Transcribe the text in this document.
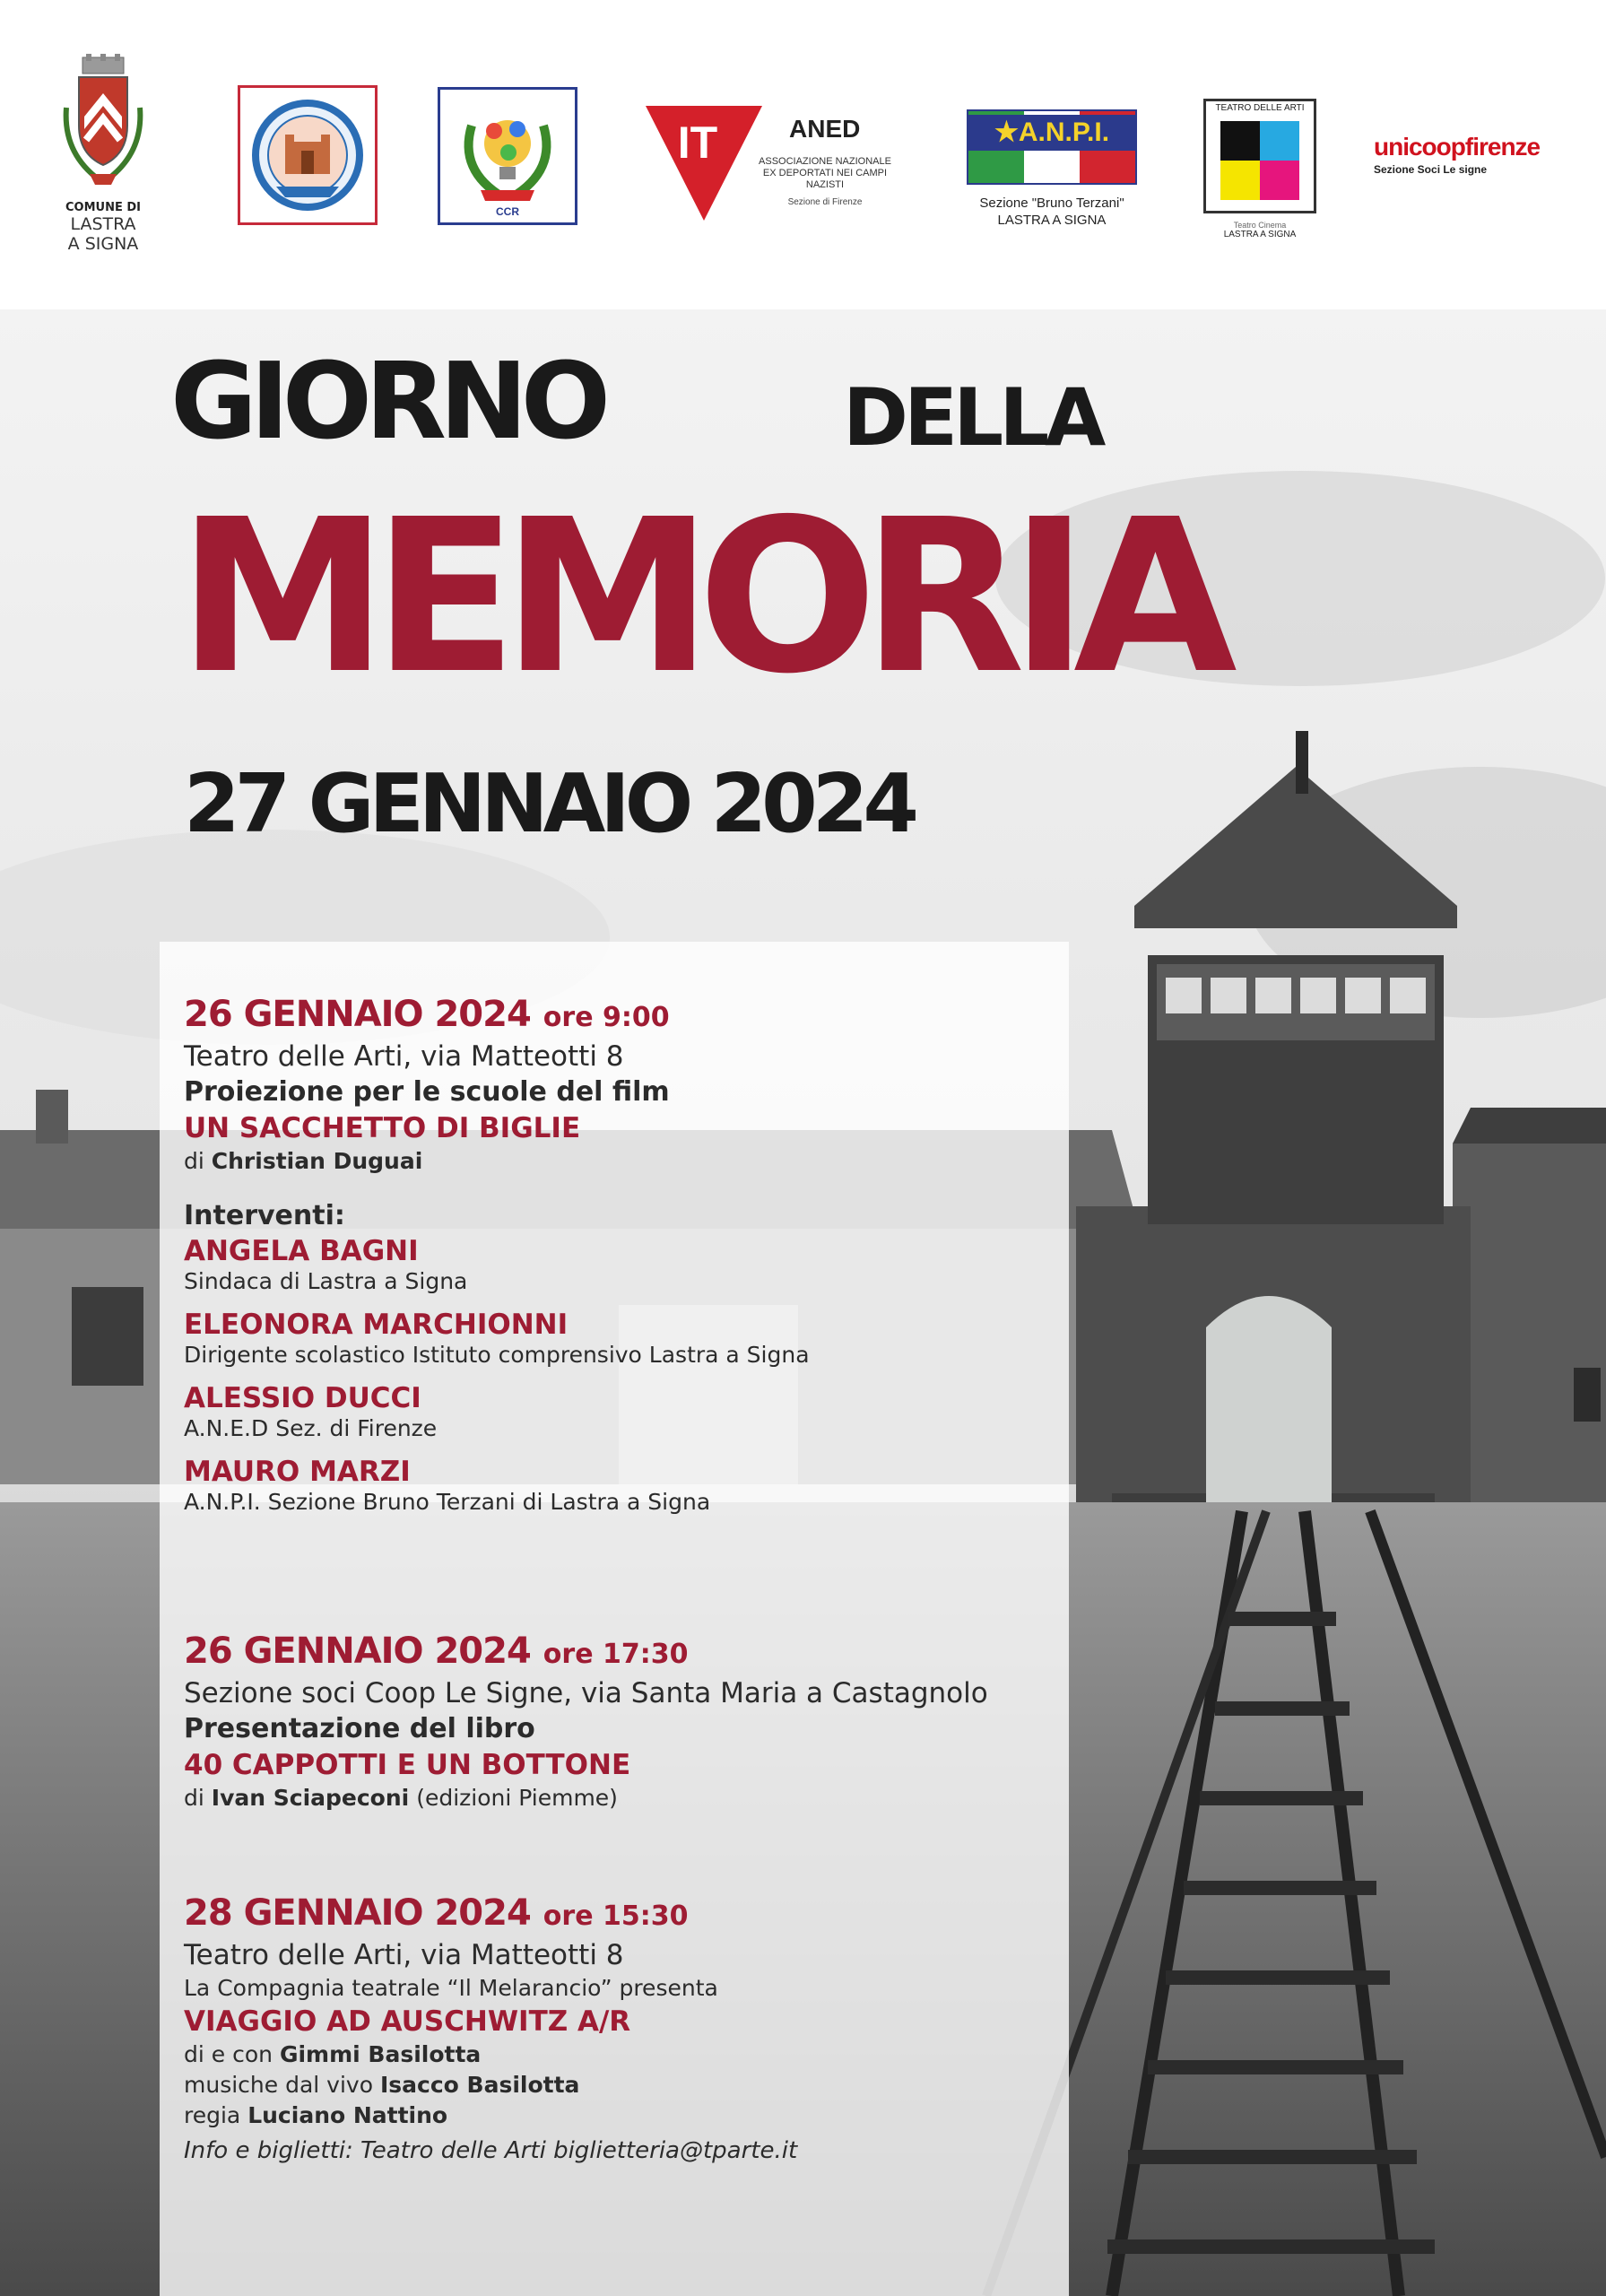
COMUNE DI
LASTRA
A SIGNA
CCR
IT	ANED
ASSOCIAZIONE NAZIONALE
EX DEPORTATI NEI CAMPI NAZISTI
Sezione di Firenze
★A.N.P.I.
Sezione "Bruno Terzani"
LASTRA A SIGNA
TEATRO DELLE ARTI
Teatro Cinema
LASTRA A SIGNA
unicoopfirenze
Sezione Soci Le signe
GIORNO	DELLA
MEMORIA
27 GENNAIO 2024
26 GENNAIO 2024 ore 9:00
Teatro delle Arti, via Matteotti 8
Proiezione per le scuole del film
UN SACCHETTO DI BIGLIE
di Christian Duguai
Interventi:
ANGELA BAGNI
Sindaca di Lastra a Signa
ELEONORA MARCHIONNI
Dirigente scolastico Istituto comprensivo Lastra a Signa
ALESSIO DUCCI
A.N.E.D Sez. di Firenze
MAURO MARZI
A.N.P.I. Sezione Bruno Terzani di Lastra a Signa
26 GENNAIO 2024 ore 17:30
Sezione soci Coop Le Signe, via Santa Maria a Castagnolo
Presentazione del libro
40 CAPPOTTI E UN BOTTONE
di Ivan Sciapeconi (edizioni Piemme)
28 GENNAIO 2024 ore 15:30
Teatro delle Arti, via Matteotti 8
La Compagnia teatrale “Il Melarancio” presenta
VIAGGIO AD AUSCHWITZ A/R
di e con Gimmi Basilotta
musiche dal vivo Isacco Basilotta
regia Luciano Nattino
Info e biglietti: Teatro delle Arti biglietteria@tparte.it
